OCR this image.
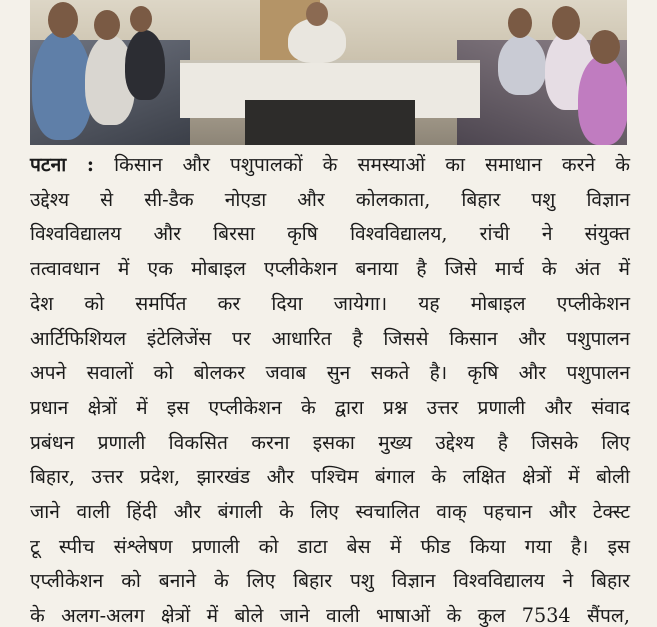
पटना : किसान और पशुपालकों के समस्याओं का समाधान करने के
उद्देश्य से सी-डैक नोएडा और कोलकाता, बिहार पशु विज्ञान
विश्वविद्यालय और बिरसा कृषि विश्वविद्यालय, रांची ने संयुक्त
तत्वावधान में एक मोबाइल एप्लीकेशन बनाया है जिसे मार्च के अंत में
देश को समर्पित कर दिया जायेगा। यह मोबाइल एप्लीकेशन
आर्टिफिशियल इंटेलिजेंस पर आधारित है जिससे किसान और पशुपालन
अपने सवालों को बोलकर जवाब सुन सकते है। कृषि और पशुपालन
प्रधान क्षेत्रों में इस एप्लीकेशन के द्वारा प्रश्न उत्तर प्रणाली और संवाद
प्रबंधन प्रणाली विकसित करना इसका मुख्य उद्देश्य है जिसके लिए
बिहार, उत्तर प्रदेश, झारखंड और पश्चिम बंगाल के लक्षित क्षेत्रों में बोली
जाने वाली हिंदी और बंगाली के लिए स्वचालित वाक् पहचान और टेक्स्ट
टू स्पीच संश्लेषण प्रणाली को डाटा बेस में फीड किया गया है। इस
एप्लीकेशन को बनाने के लिए बिहार पशु विज्ञान विश्वविद्यालय ने बिहार
के अलग-अलग क्षेत्रों में बोले जाने वाली भाषाओं के कुल 7534 सैंपल,
